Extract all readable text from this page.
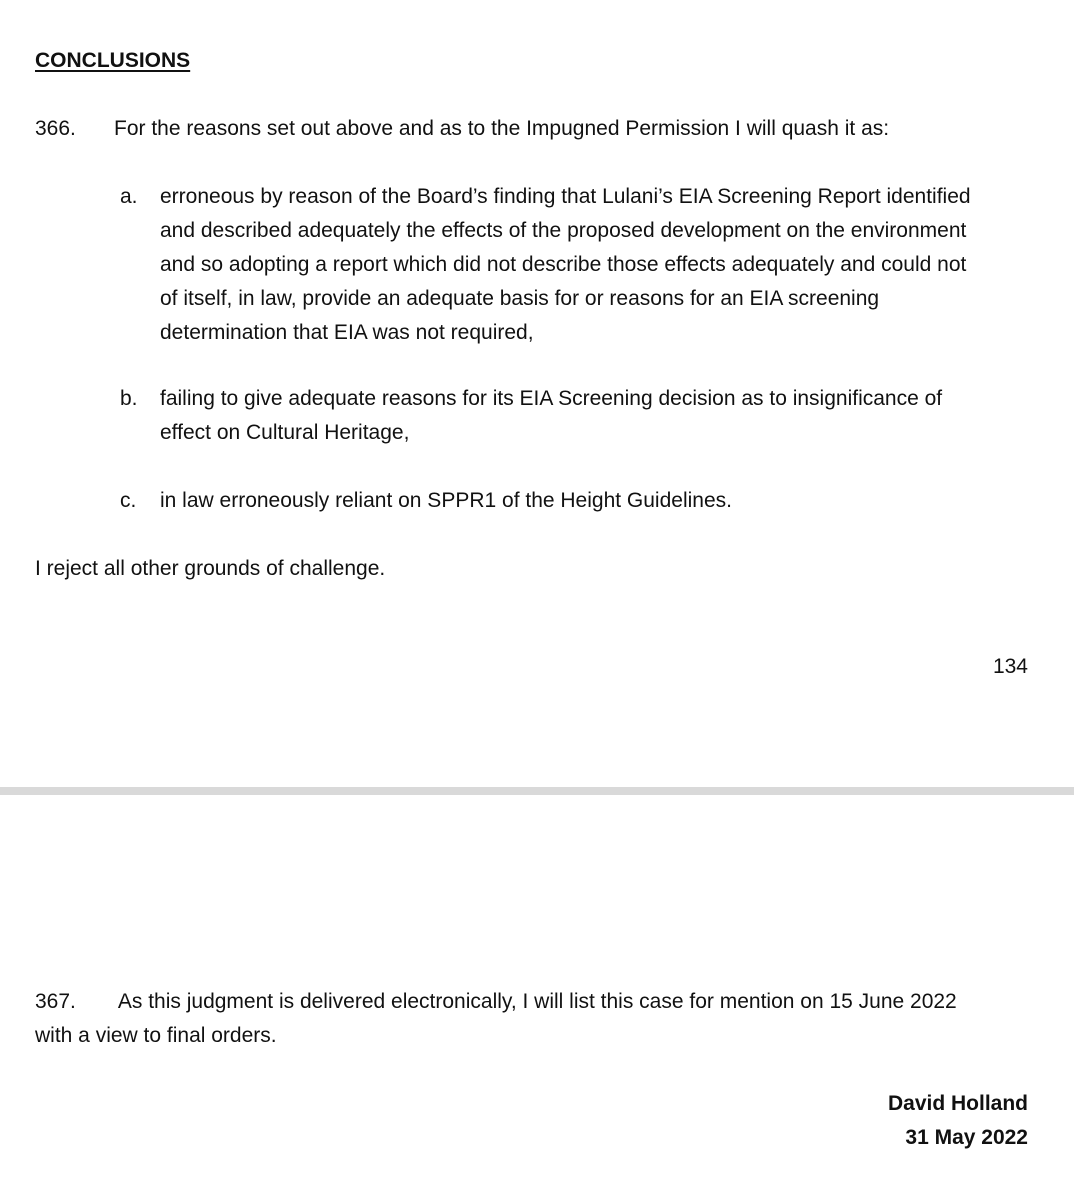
CONCLUSIONS

366. For the reasons set out above and as to the Impugned Permission I will quash it as:
a. erroneous by reason of the Board’s finding that Lulani’s EIA Screening Report identified
and described adequately the effects of the proposed development on the environment
and so adopting a report which did not describe those effects adequately and could not
of itself, in law, provide an adequate basis for or reasons for an EIA screening
determination that EIA was not required,
b. failing to give adequate reasons for its EIA Screening decision as to insignificance of
effect on Cultural Heritage,
c. in law erroneously reliant on SPPR1 of the Height Guidelines.

I reject all other grounds of challenge.

134
367. As this judgment is delivered electronically, I will list this case for mention on 15 June 2022
with a view to final orders.
David Holland
31 May 2022
